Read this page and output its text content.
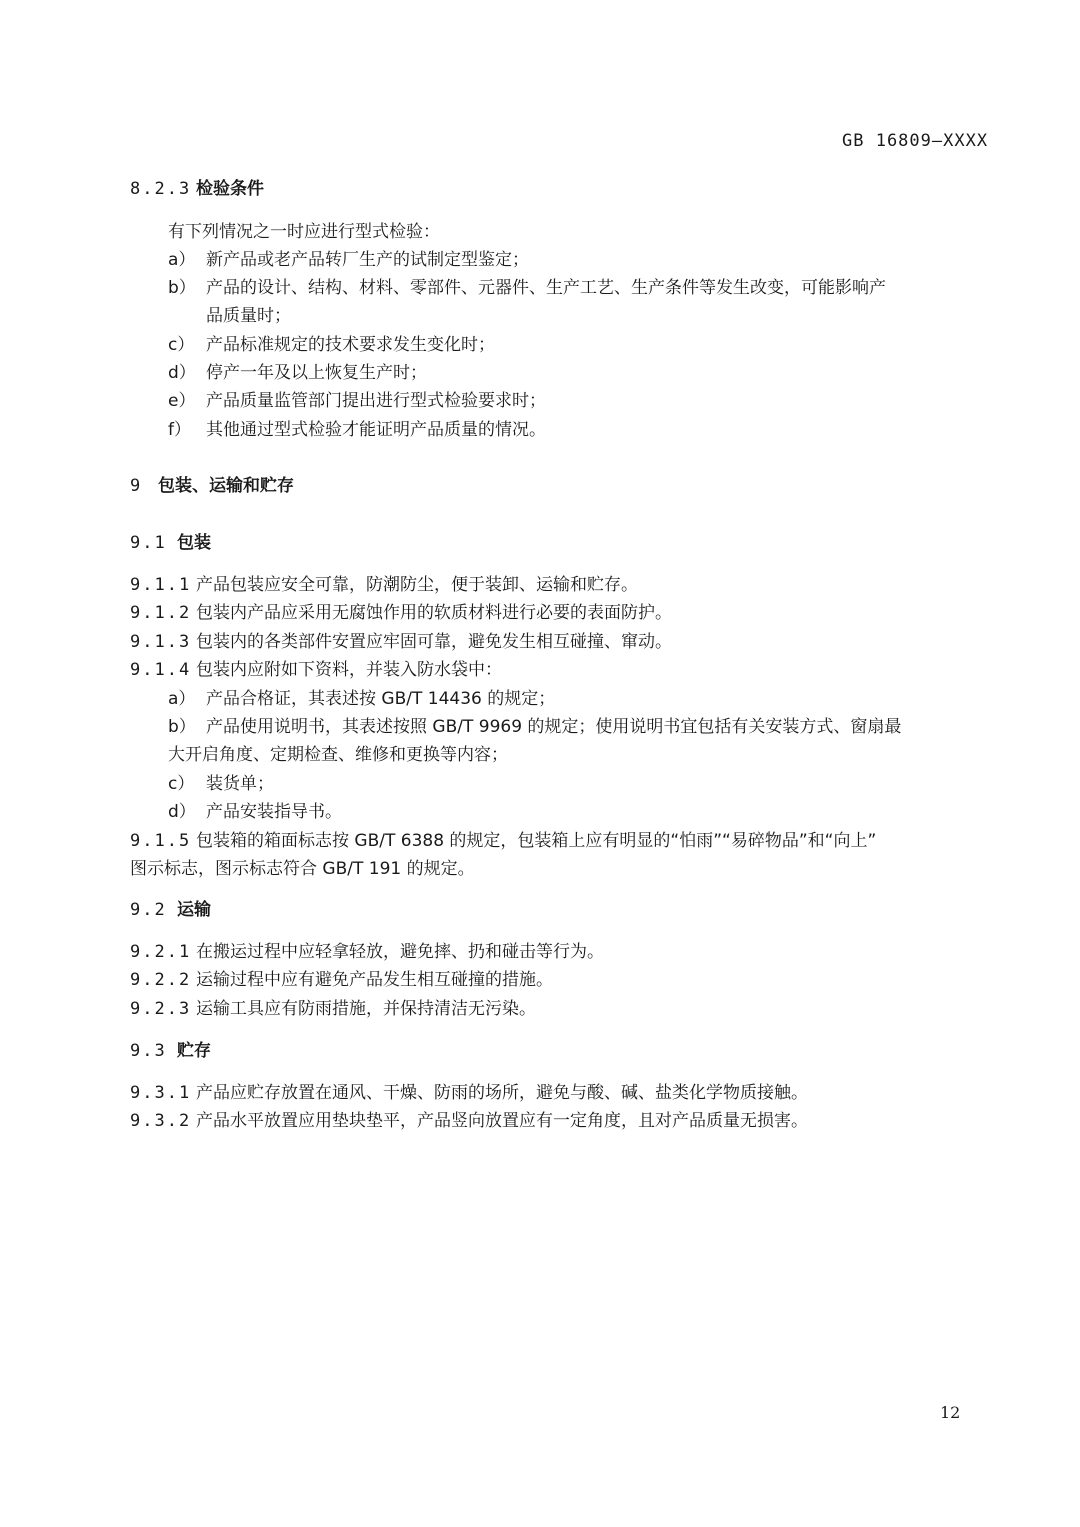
GB 16809—XXXX
8.2.3 检验条件
有下列情况之一时应进行型式检验：
a） 新产品或老产品转厂生产的试制定型鉴定；
b） 产品的设计、结构、材料、零部件、元器件、生产工艺、生产条件等发生改变，可能影响产
品质量时；
c） 产品标准规定的技术要求发生变化时；
d） 停产一年及以上恢复生产时；
e） 产品质量监管部门提出进行型式检验要求时；
f） 其他通过型式检验才能证明产品质量的情况。
9 包装、运输和贮存
9.1 包装
9.1.1 产品包装应安全可靠，防潮防尘，便于装卸、运输和贮存。
9.1.2 包装内产品应采用无腐蚀作用的软质材料进行必要的表面防护。
9.1.3 包装内的各类部件安置应牢固可靠，避免发生相互碰撞、窜动。
9.1.4 包装内应附如下资料，并装入防水袋中：
a） 产品合格证，其表述按 GB/T 14436 的规定；
b） 产品使用说明书，其表述按照 GB/T 9969 的规定；使用说明书宜包括有关安装方式、窗扇最
大开启角度、定期检查、维修和更换等内容；
c） 装货单；
d） 产品安装指导书。
9.1.5 包装箱的箱面标志按 GB/T 6388 的规定，包装箱上应有明显的“怕雨”“易碎物品”和“向上”
图示标志，图示标志符合 GB/T 191 的规定。
9.2 运输
9.2.1 在搬运过程中应轻拿轻放，避免摔、扔和碰击等行为。
9.2.2 运输过程中应有避免产品发生相互碰撞的措施。
9.2.3 运输工具应有防雨措施，并保持清洁无污染。
9.3 贮存
9.3.1 产品应贮存放置在通风、干燥、防雨的场所，避免与酸、碱、盐类化学物质接触。
9.3.2 产品水平放置应用垫块垫平，产品竖向放置应有一定角度，且对产品质量无损害。
12
